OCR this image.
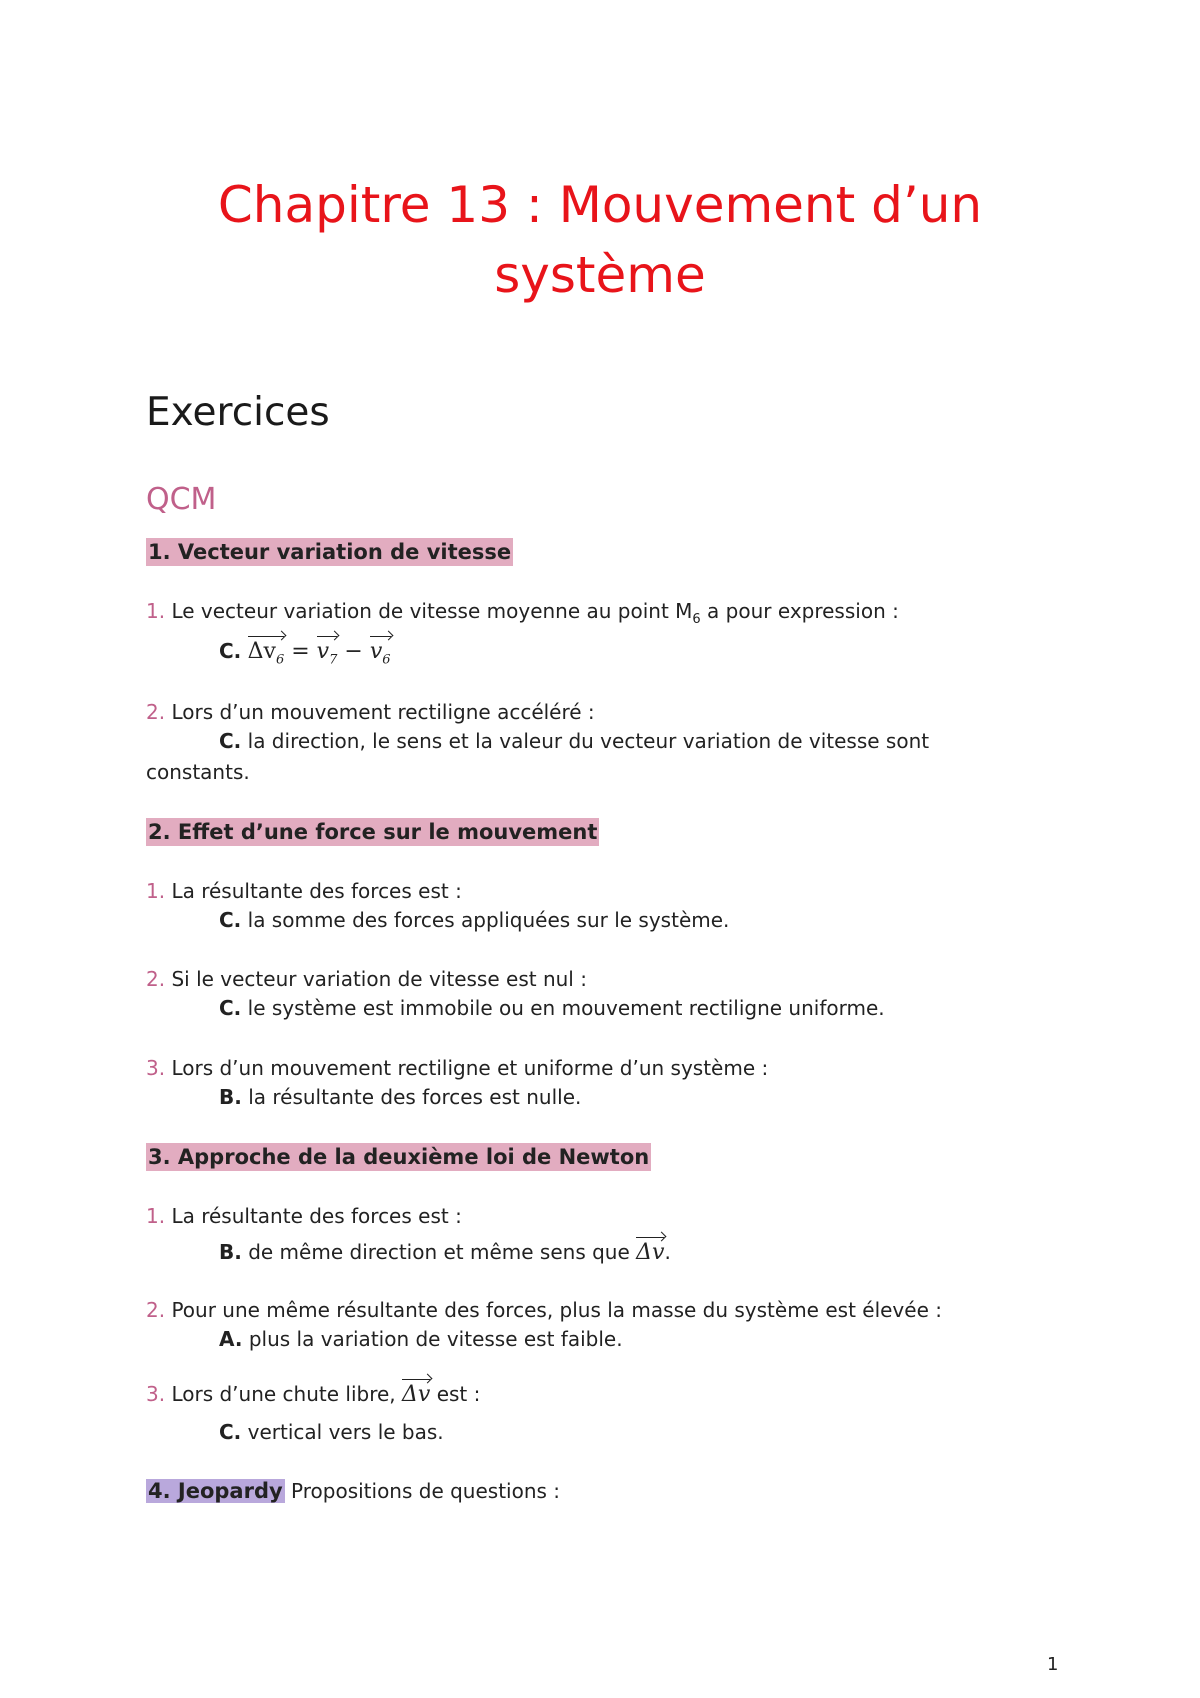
Chapitre 13 : Mouvement d’un
système
Exercices
QCM
1. Vecteur variation de vitesse
1. Le vecteur variation de vitesse moyenne au point $M_6$ a pour expression :
C. $\Delta v_6 = v_7 - v_6$
2. Lors d’un mouvement rectiligne accéléré :
C. la direction, le sens et la valeur du vecteur variation de vitesse sont
constants.
2. Effet d’une force sur le mouvement
1. La résultante des forces est :
C. la somme des forces appliquées sur le système.
2. Si le vecteur variation de vitesse est nul :
C. le système est immobile ou en mouvement rectiligne uniforme.
3. Lors d’un mouvement rectiligne et uniforme d’un système :
B. la résultante des forces est nulle.
3. Approche de la deuxième loi de Newton
1. La résultante des forces est :
B. de même direction et même sens que Δv.
2. Pour une même résultante des forces, plus la masse du système est élevée :
A. plus la variation de vitesse est faible.
3. Lors d’une chute libre, Δv est :
C. vertical vers le bas.
4. Jeopardy Propositions de questions :
1
